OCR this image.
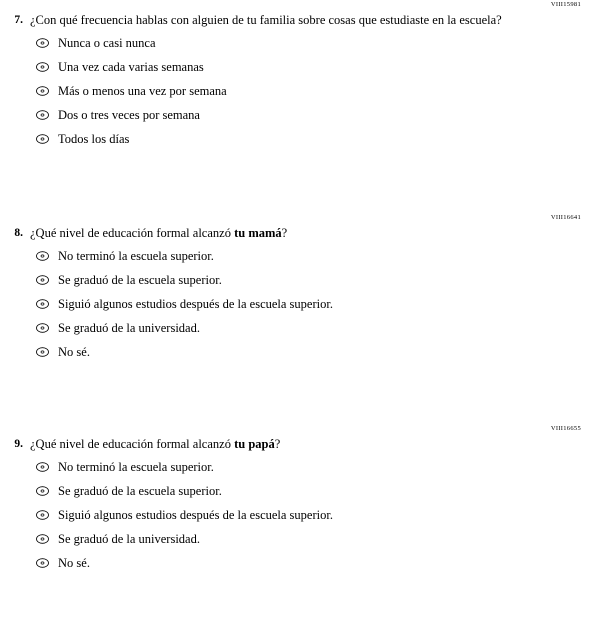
VIII15981
7. ¿Con qué frecuencia hablas con alguien de tu familia sobre cosas que estudiaste en la escuela?
Nunca o casi nunca
Una vez cada varias semanas
Más o menos una vez por semana
Dos o tres veces por semana
Todos los días
VIII16641
8. ¿Qué nivel de educación formal alcanzó tu mamá?
No terminó la escuela superior.
Se graduó de la escuela superior.
Siguió algunos estudios después de la escuela superior.
Se graduó de la universidad.
No sé.
VIII16655
9. ¿Qué nivel de educación formal alcanzó tu papá?
No terminó la escuela superior.
Se graduó de la escuela superior.
Siguió algunos estudios después de la escuela superior.
Se graduó de la universidad.
No sé.
